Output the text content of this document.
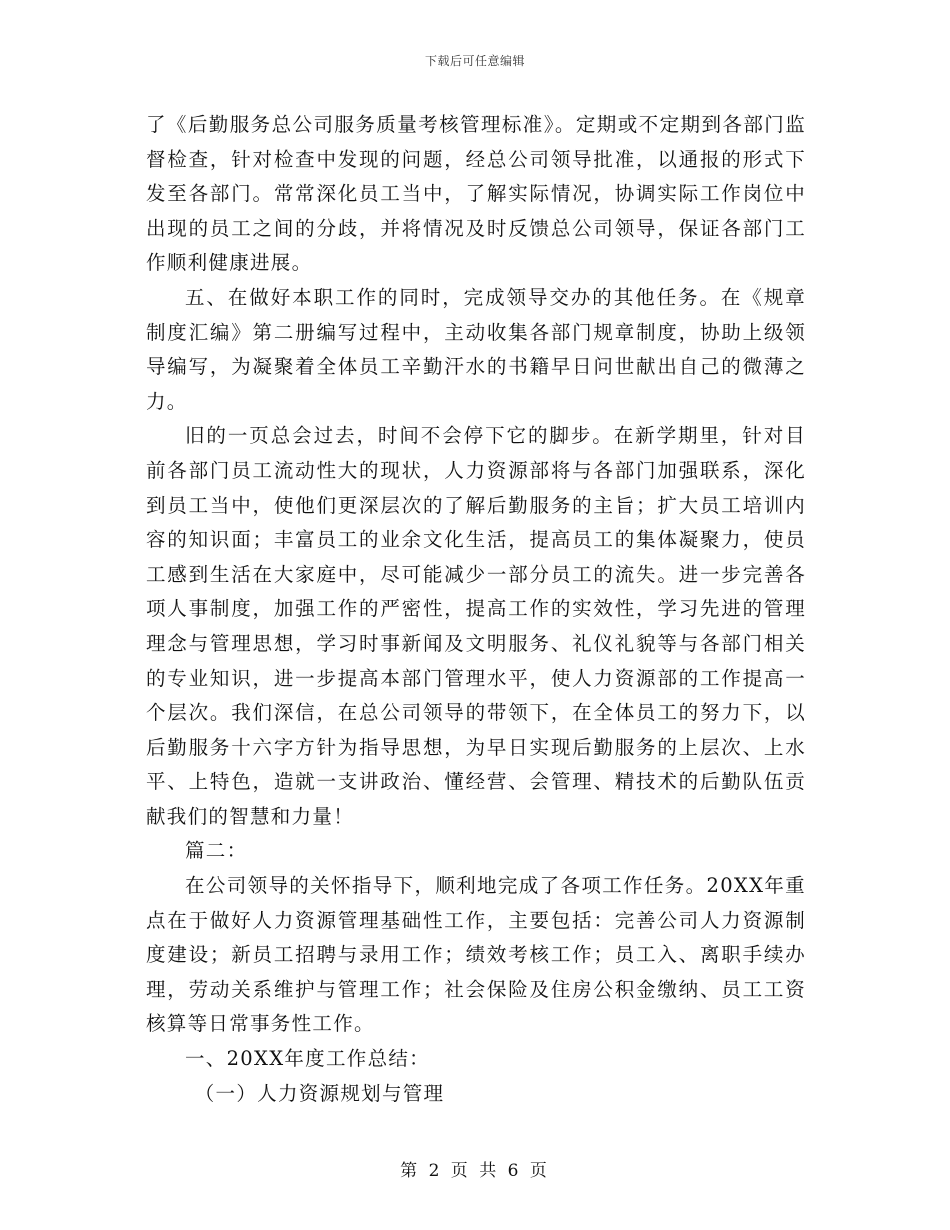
下载后可任意编辑

了《后勤服务总公司服务质量考核管理标准》。定期或不定期到各部门监督检查，针对检查中发现的问题，经总公司领导批准，以通报的形式下发至各部门。常常深化员工当中，了解实际情况，协调实际工作岗位中出现的员工之间的分歧，并将情况及时反馈总公司领导，保证各部门工作顺利健康进展。

五、在做好本职工作的同时，完成领导交办的其他任务。在《规章制度汇编》第二册编写过程中，主动收集各部门规章制度，协助上级领导编写，为凝聚着全体员工辛勤汗水的书籍早日问世献出自己的微薄之力。

旧的一页总会过去，时间不会停下它的脚步。在新学期里，针对目前各部门员工流动性大的现状，人力资源部将与各部门加强联系，深化到员工当中，使他们更深层次的了解后勤服务的主旨；扩大员工培训内容的知识面；丰富员工的业余文化生活，提高员工的集体凝聚力，使员工感到生活在大家庭中，尽可能减少一部分员工的流失。进一步完善各项人事制度，加强工作的严密性，提高工作的实效性，学习先进的管理理念与管理思想，学习时事新闻及文明服务、礼仪礼貌等与各部门相关的专业知识，进一步提高本部门管理水平，使人力资源部的工作提高一个层次。我们深信，在总公司领导的带领下，在全体员工的努力下，以后勤服务十六字方针为指导思想，为早日实现后勤服务的上层次、上水平、上特色，造就一支讲政治、懂经营、会管理、精技术的后勤队伍贡献我们的智慧和力量！

篇二：

在公司领导的关怀指导下，顺利地完成了各项工作任务。20XX年重点在于做好人力资源管理基础性工作，主要包括：完善公司人力资源制度建设；新员工招聘与录用工作；绩效考核工作；员工入、离职手续办理，劳动关系维护与管理工作；社会保险及住房公积金缴纳、员工工资核算等日常事务性工作。

一、20XX年度工作总结：

（一）人力资源规划与管理

第 2 页 共 6 页
